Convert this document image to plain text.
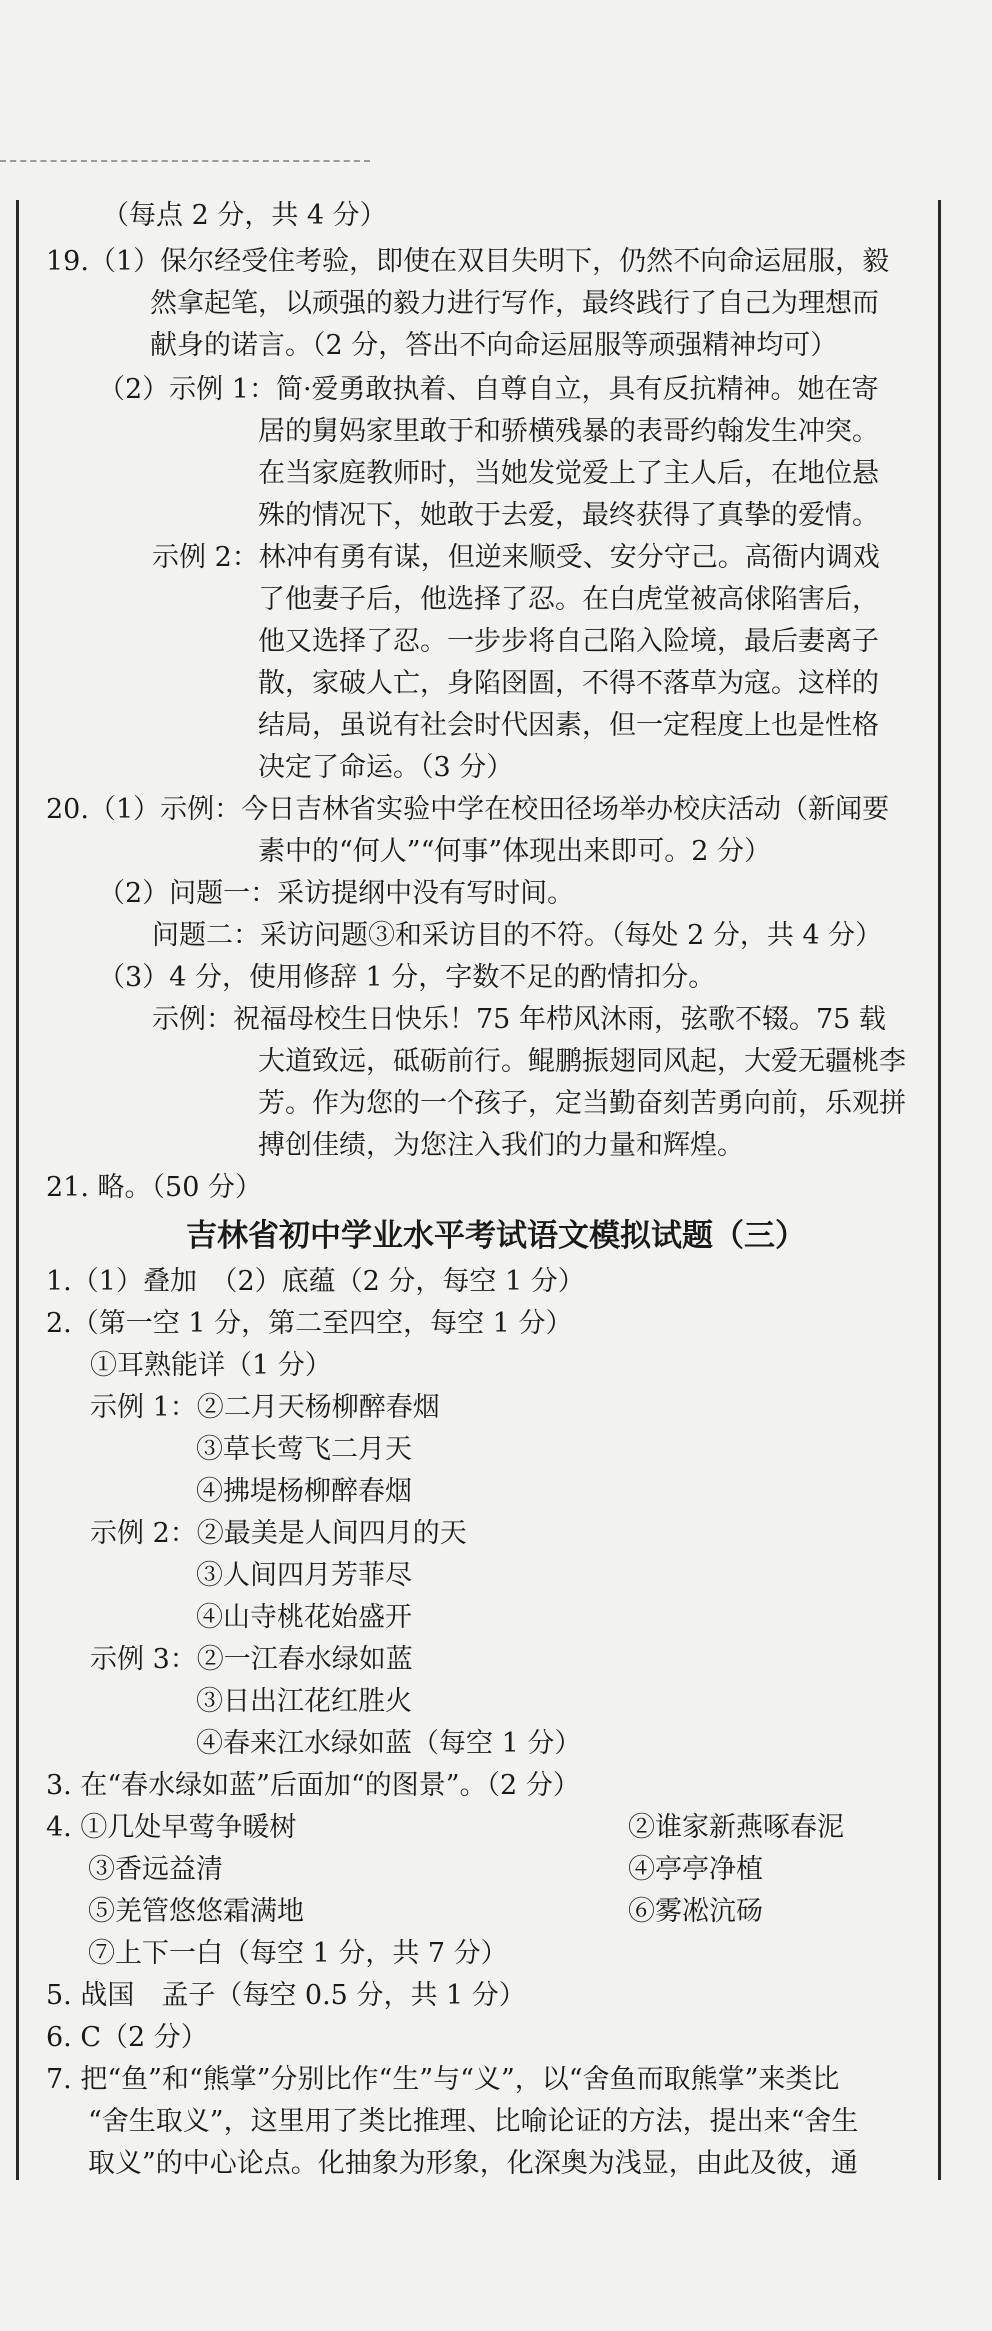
（每点 2 分，共 4 分）
19.（1）保尔经受住考验，即使在双目失明下，仍然不向命运屈服，毅
然拿起笔，以顽强的毅力进行写作，最终践行了自己为理想而
献身的诺言。（2 分，答出不向命运屈服等顽强精神均可）
（2）示例 1：简·爱勇敢执着、自尊自立，具有反抗精神。她在寄
居的舅妈家里敢于和骄横残暴的表哥约翰发生冲突。
在当家庭教师时，当她发觉爱上了主人后，在地位悬
殊的情况下，她敢于去爱，最终获得了真挚的爱情。
示例 2：林冲有勇有谋，但逆来顺受、安分守己。高衙内调戏
了他妻子后，他选择了忍。在白虎堂被高俅陷害后，
他又选择了忍。一步步将自己陷入险境，最后妻离子
散，家破人亡，身陷囹圄，不得不落草为寇。这样的
结局，虽说有社会时代因素，但一定程度上也是性格
决定了命运。（3 分）
20.（1）示例：今日吉林省实验中学在校田径场举办校庆活动（新闻要
素中的“何人”“何事”体现出来即可。2 分）
（2）问题一：采访提纲中没有写时间。
问题二：采访问题③和采访目的不符。（每处 2 分，共 4 分）
（3）4 分，使用修辞 1 分，字数不足的酌情扣分。
示例：祝福母校生日快乐！75 年栉风沐雨，弦歌不辍。75 载
大道致远，砥砺前行。鲲鹏振翅同风起，大爱无疆桃李
芳。作为您的一个孩子，定当勤奋刻苦勇向前，乐观拼
搏创佳绩，为您注入我们的力量和辉煌。
21. 略。（50 分）
吉林省初中学业水平考试语文模拟试题（三）
1.（1）叠加　（2）底蕴（2 分，每空 1 分）
2.（第一空 1 分，第二至四空，每空 1 分）
①耳熟能详（1 分）
示例 1：②二月天杨柳醉春烟
③草长莺飞二月天
④拂堤杨柳醉春烟
示例 2：②最美是人间四月的天
③人间四月芳菲尽
④山寺桃花始盛开
示例 3：②一江春水绿如蓝
③日出江花红胜火
④春来江水绿如蓝（每空 1 分）
3. 在“春水绿如蓝”后面加“的图景”。（2 分）
4. ①几处早莺争暖树	②谁家新燕啄春泥
③香远益清	④亭亭净植
⑤羌管悠悠霜满地	⑥雾凇沆砀
⑦上下一白（每空 1 分，共 7 分）
5. 战国　孟子（每空 0.5 分，共 1 分）
6. C（2 分）
7. 把“鱼”和“熊掌”分别比作“生”与“义”，以“舍鱼而取熊掌”来类比
“舍生取义”，这里用了类比推理、比喻论证的方法，提出来“舍生
取义”的中心论点。化抽象为形象，化深奥为浅显，由此及彼，通
